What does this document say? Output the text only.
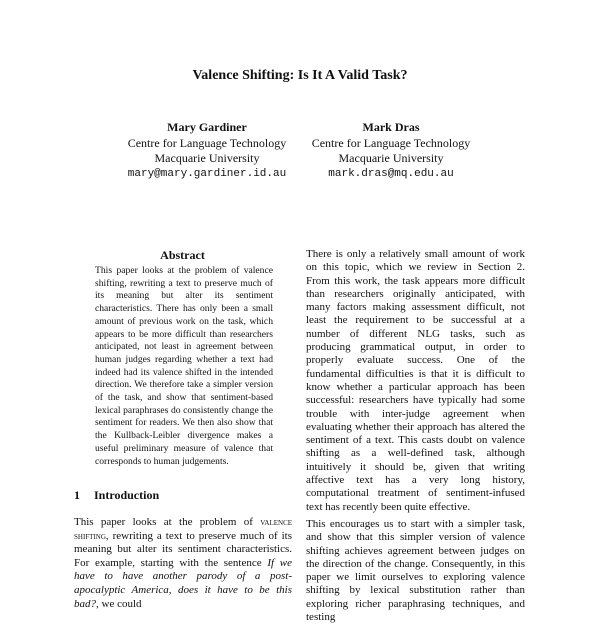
Valence Shifting: Is It A Valid Task?
Mary Gardiner
Centre for Language Technology
Macquarie University
mary@mary.gardiner.id.au
Mark Dras
Centre for Language Technology
Macquarie University
mark.dras@mq.edu.au
Abstract
This paper looks at the problem of valence shifting, rewriting a text to preserve much of its meaning but alter its sentiment characteristics. There has only been a small amount of previous work on the task, which appears to be more difficult than researchers anticipated, not least in agreement between human judges regarding whether a text had indeed had its valence shifted in the intended direction. We therefore take a simpler version of the task, and show that sentiment-based lexical paraphrases do consistently change the sentiment for readers. We then also show that the Kullback-Leibler divergence makes a useful preliminary measure of valence that corresponds to human judgements.
1 Introduction
This paper looks at the problem of valence shifting, rewriting a text to preserve much of its meaning but alter its sentiment characteristics. For example, starting with the sentence If we have to have another parody of a post-apocalyptic America, does it have to be this bad?, we could

There is only a relatively small amount of work on this topic, which we review in Section 2. From this work, the task appears more difficult than researchers originally anticipated, with many factors making assessment difficult, not least the requirement to be successful at a number of different NLG tasks, such as producing grammatical output, in order to properly evaluate success. One of the fundamental difficulties is that it is difficult to know whether a particular approach has been successful: researchers have typically had some trouble with inter-judge agreement when evaluating whether their approach has altered the sentiment of a text. This casts doubt on valence shifting as a well-defined task, although intuitively it should be, given that writing affective text has a very long history, computational treatment of sentiment-infused text has recently been quite effective.

This encourages us to start with a simpler task, and show that this simpler version of valence shifting achieves agreement between judges on the direction of the change. Consequently, in this paper we limit ourselves to exploring valence shifting by lexical substitution rather than exploring richer paraphrasing techniques, and testing
